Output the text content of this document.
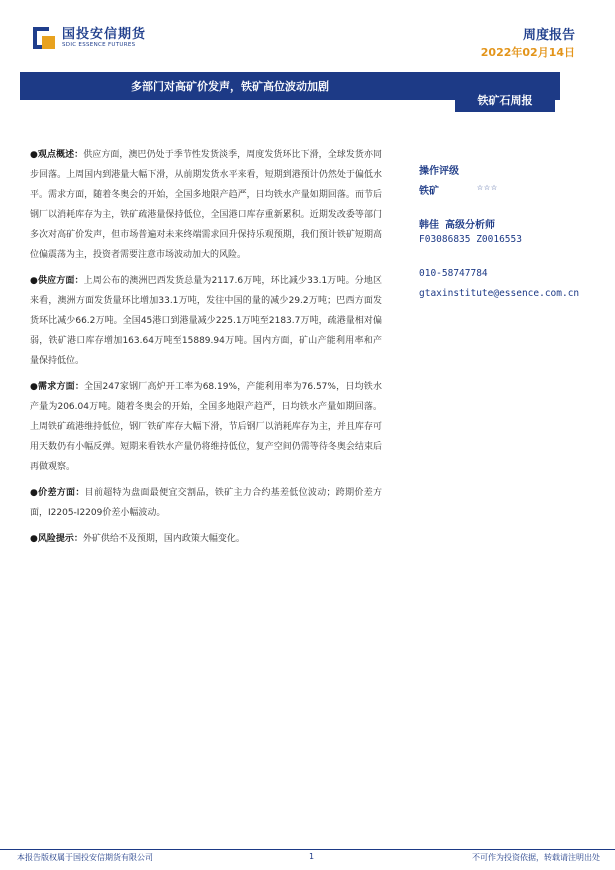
国投安信期货
SDIC ESSENCE FUTURES
周度报告
2022年02月14日
多部门对高矿价发声，铁矿高位波动加剧
铁矿石周报

●观点概述：供应方面，澳巴仍处于季节性发货淡季，周度发货环比下滑，全球发货亦同步回落。上周国内到港量大幅下滑，从前期发货水平来看，短期到港预计仍然处于偏低水平。需求方面，随着冬奥会的开始，全国多地限产趋严，日均铁水产量如期回落。而节后钢厂以消耗库存为主，铁矿疏港量保持低位，全国港口库存重新累积。近期发改委等部门多次对高矿价发声，但市场普遍对未来终端需求回升保持乐观预期，我们预计铁矿短期高位偏震荡为主，投资者需要注意市场波动加大的风险。

●供应方面：上周公布的澳洲巴西发货总量为2117.6万吨，环比减少33.1万吨。分地区来看，澳洲方面发货量环比增加33.1万吨，发往中国的量的减少29.2万吨；巴西方面发货环比减少66.2万吨。全国45港口到港量减少225.1万吨至2183.7万吨，疏港量相对偏弱，铁矿港口库存增加163.64万吨至15889.94万吨。国内方面，矿山产能利用率和产量保持低位。

●需求方面：全国247家钢厂高炉开工率为68.19%，产能利用率为76.57%，日均铁水产量为206.04万吨。随着冬奥会的开始，全国多地限产趋严，日均铁水产量如期回落。上周铁矿疏港维持低位，钢厂铁矿库存大幅下滑，节后钢厂以消耗库存为主，并且库存可用天数仍有小幅反弹。短期来看铁水产量仍将维持低位，复产空间仍需等待冬奥会结束后再做观察。

●价差方面：目前超特为盘面最便宜交割品，铁矿主力合约基差低位波动；跨期价差方面，I2205-I2209价差小幅波动。

●风险提示：外矿供给不及预期，国内政策大幅变化。

操作评级
铁矿	☆☆☆
韩佳 高级分析师
F03086835 Z0016553
010-58747784
gtaxinstitute@essence.com.cn
本报告版权属于国投安信期货有限公司	1	不可作为投资依据，转载请注明出处
